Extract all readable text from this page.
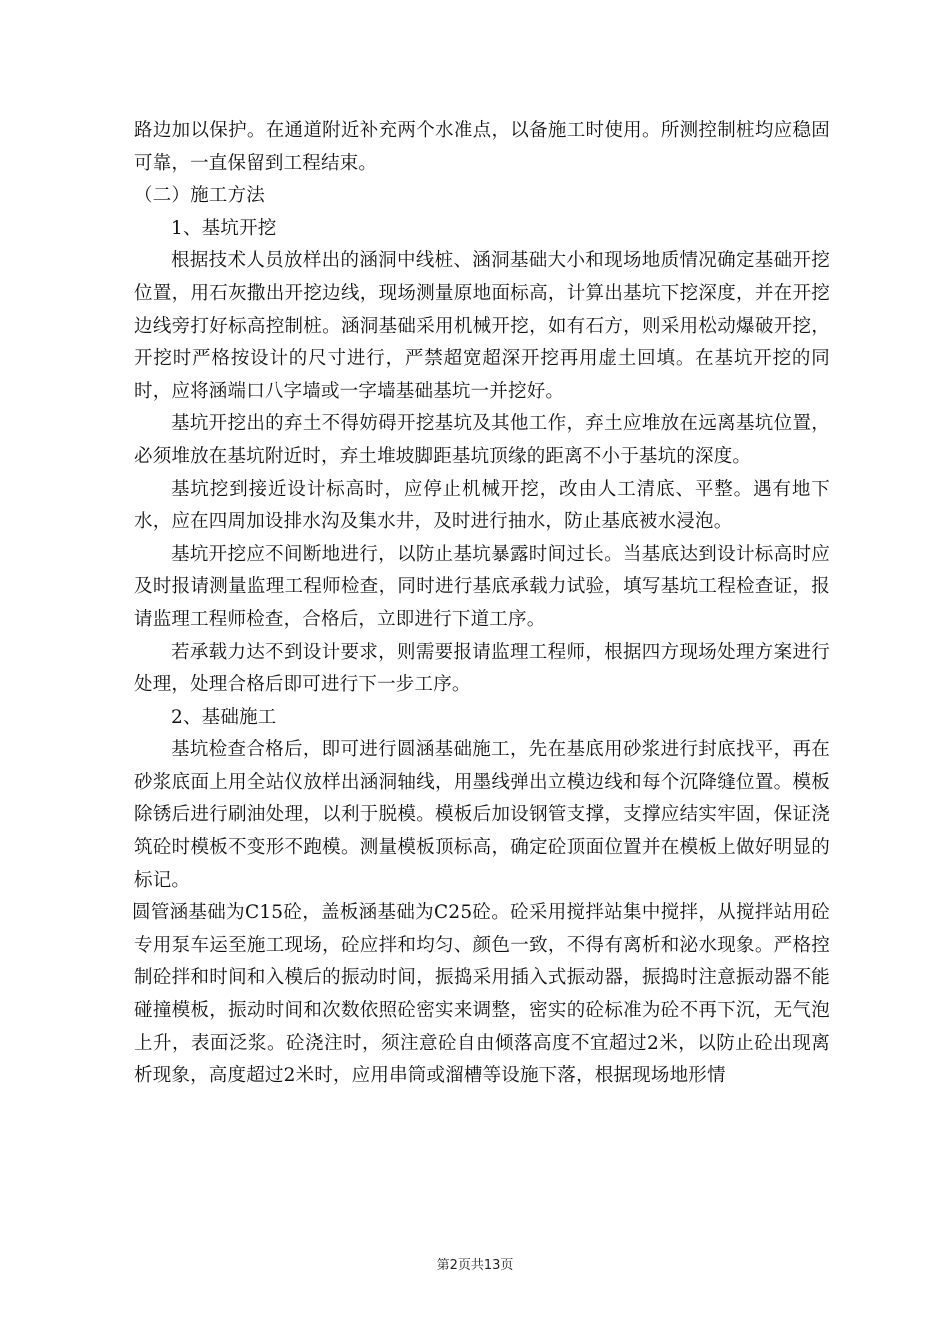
路边加以保护。在通道附近补充两个水准点，以备施工时使用。所测控制桩均应稳固可靠，一直保留到工程结束。

（二）施工方法

1、基坑开挖

根据技术人员放样出的涵洞中线桩、涵洞基础大小和现场地质情况确定基础开挖位置，用石灰撒出开挖边线，现场测量原地面标高，计算出基坑下挖深度，并在开挖边线旁打好标高控制桩。涵洞基础采用机械开挖，如有石方，则采用松动爆破开挖，开挖时严格按设计的尺寸进行，严禁超宽超深开挖再用虚土回填。在基坑开挖的同时，应将涵端口八字墙或一字墙基础基坑一并挖好。

基坑开挖出的弃土不得妨碍开挖基坑及其他工作，弃土应堆放在远离基坑位置，必须堆放在基坑附近时，弃土堆坡脚距基坑顶缘的距离不小于基坑的深度。

基坑挖到接近设计标高时，应停止机械开挖，改由人工清底、平整。遇有地下水，应在四周加设排水沟及集水井，及时进行抽水，防止基底被水浸泡。

基坑开挖应不间断地进行，以防止基坑暴露时间过长。当基底达到设计标高时应及时报请测量监理工程师检查，同时进行基底承载力试验，填写基坑工程检查证，报请监理工程师检查，合格后，立即进行下道工序。

若承载力达不到设计要求，则需要报请监理工程师，根据四方现场处理方案进行处理，处理合格后即可进行下一步工序。

2、基础施工

基坑检查合格后，即可进行圆涵基础施工，先在基底用砂浆进行封底找平，再在砂浆底面上用全站仪放样出涵洞轴线，用墨线弹出立模边线和每个沉降缝位置。模板除锈后进行刷油处理，以利于脱模。模板后加设钢管支撑，支撑应结实牢固，保证浇筑砼时模板不变形不跑模。测量模板顶标高，确定砼顶面位置并在模板上做好明显的标记。

圆管涵基础为C15砼，盖板涵基础为C25砼。砼采用搅拌站集中搅拌，从搅拌站用砼专用泵车运至施工现场，砼应拌和均匀、颜色一致，不得有离析和泌水现象。严格控制砼拌和时间和入模后的振动时间，振捣采用插入式振动器，振捣时注意振动器不能碰撞模板，振动时间和次数依照砼密实来调整，密实的砼标准为砼不再下沉，无气泡上升，表面泛浆。砼浇注时，须注意砼自由倾落高度不宜超过2米，以防止砼出现离析现象，高度超过2米时，应用串筒或溜槽等设施下落，根据现场地形情

第2页共13页
